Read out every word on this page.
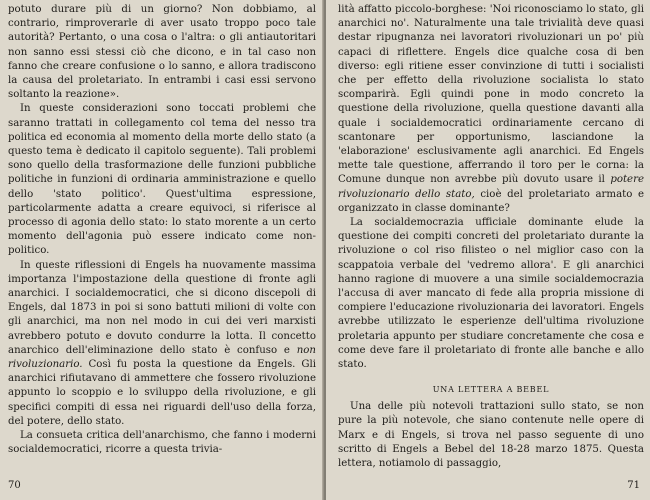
potuto durare più di un giorno? Non dobbiamo, al contrario, rimproverarle di aver usato troppo poco tale autorità? Pertanto, o una cosa o l'altra: o gli antiautoritari non sanno essi stessi ciò che dicono, e in tal caso non fanno che creare confusione o lo sanno, e allora tradiscono la causa del proletariato. In entrambi i casi essi servono soltanto la reazione».

In queste considerazioni sono toccati problemi che saranno trattati in collegamento col tema del nesso tra politica ed economia al momento della morte dello stato (a questo tema è dedicato il capitolo seguente). Tali problemi sono quello della trasformazione delle funzioni pubbliche politiche in funzioni di ordinaria amministrazione e quello dello 'stato politico'. Quest'ultima espressione, particolarmente adatta a creare equivoci, si riferisce al processo di agonia dello stato: lo stato morente a un certo momento dell'agonia può essere indicato come non-politico.

In queste riflessioni di Engels ha nuovamente massima importanza l'impostazione della questione di fronte agli anarchici. I socialdemocratici, che si dicono discepoli di Engels, dal 1873 in poi si sono battuti milioni di volte con gli anarchici, ma non nel modo in cui dei veri marxisti avrebbero potuto e dovuto condurre la lotta. Il concetto anarchico dell'eliminazione dello stato è confuso e non rivoluzionario. Così fu posta la questione da Engels. Gli anarchici rifiutavano di ammettere che fossero rivoluzione appunto lo scoppio e lo sviluppo della rivoluzione, e gli specifici compiti di essa nei riguardi dell'uso della forza, del potere, dello stato.

La consueta critica dell'anarchismo, che fanno i moderni socialdemocratici, ricorre a questa trivia-

70

lità affatto piccolo-borghese: 'Noi riconosciamo lo stato, gli anarchici no'. Naturalmente una tale trivialità deve quasi destar ripugnanza nei lavoratori rivoluzionari un po' più capaci di riflettere. Engels dice qualche cosa di ben diverso: egli ritiene esser convinzione di tutti i socialisti che per effetto della rivoluzione socialista lo stato scomparirà. Egli quindi pone in modo concreto la questione della rivoluzione, quella questione davanti alla quale i socialdemocratici ordinariamente cercano di scantonare per opportunismo, lasciandone la 'elaborazione' esclusivamente agli anarchici. Ed Engels mette tale questione, afferrando il toro per le corna: la Comune dunque non avrebbe più dovuto usare il potere rivoluzionario dello stato, cioè del proletariato armato e organizzato in classe dominante?

La socialdemocrazia ufficiale dominante elude la questione dei compiti concreti del proletariato durante la rivoluzione o col riso filisteo o nel miglior caso con la scappatoia verbale del 'vedremo allora'. E gli anarchici hanno ragione di muovere a una simile socialdemocrazia l'accusa di aver mancato di fede alla propria missione di compiere l'educazione rivoluzionaria dei lavoratori. Engels avrebbe utilizzato le esperienze dell'ultima rivoluzione proletaria appunto per studiare concretamente che cosa e come deve fare il proletariato di fronte alle banche e allo stato.

UNA LETTERA A BEBEL

Una delle più notevoli trattazioni sullo stato, se non pure la più notevole, che siano contenute nelle opere di Marx e di Engels, si trova nel passo seguente di uno scritto di Engels a Bebel del 18-28 marzo 1875. Questa lettera, notiamolo di passaggio,

71
